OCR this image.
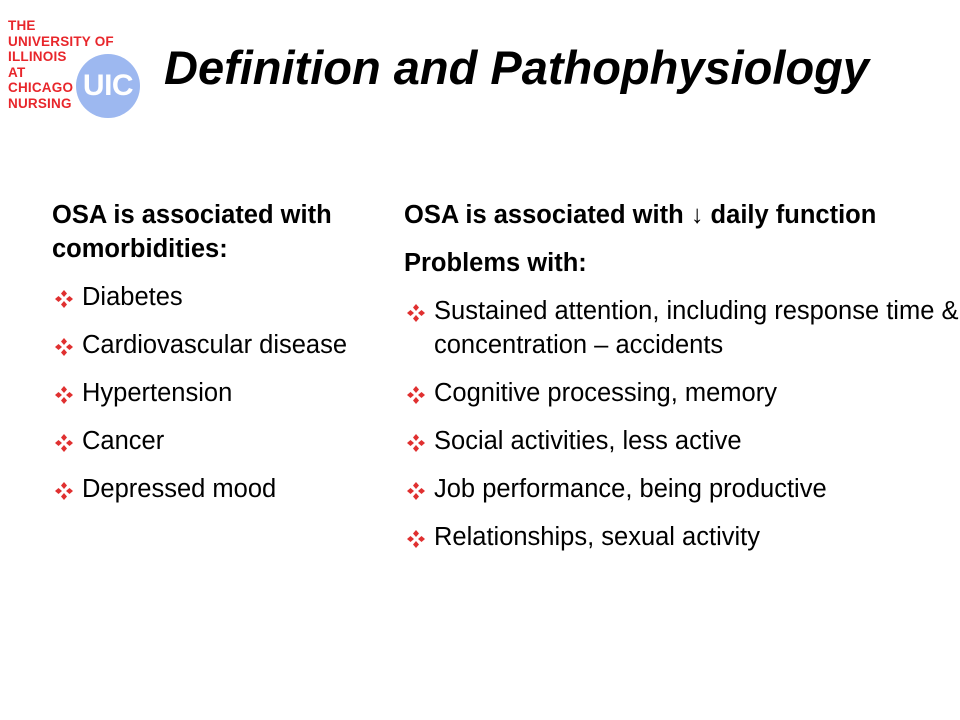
THE
UNIVERSITY OF
ILLINOIS
AT
CHICAGO
NURSING
UIC Definition and Pathophysiology
OSA is associated with comorbidities:
Diabetes
Cardiovascular disease
Hypertension
Cancer
Depressed mood
OSA is associated with ↓ daily function
Problems with:
Sustained attention, including response time & concentration – accidents
Cognitive processing, memory
Social activities, less active
Job performance, being productive
Relationships, sexual activity
